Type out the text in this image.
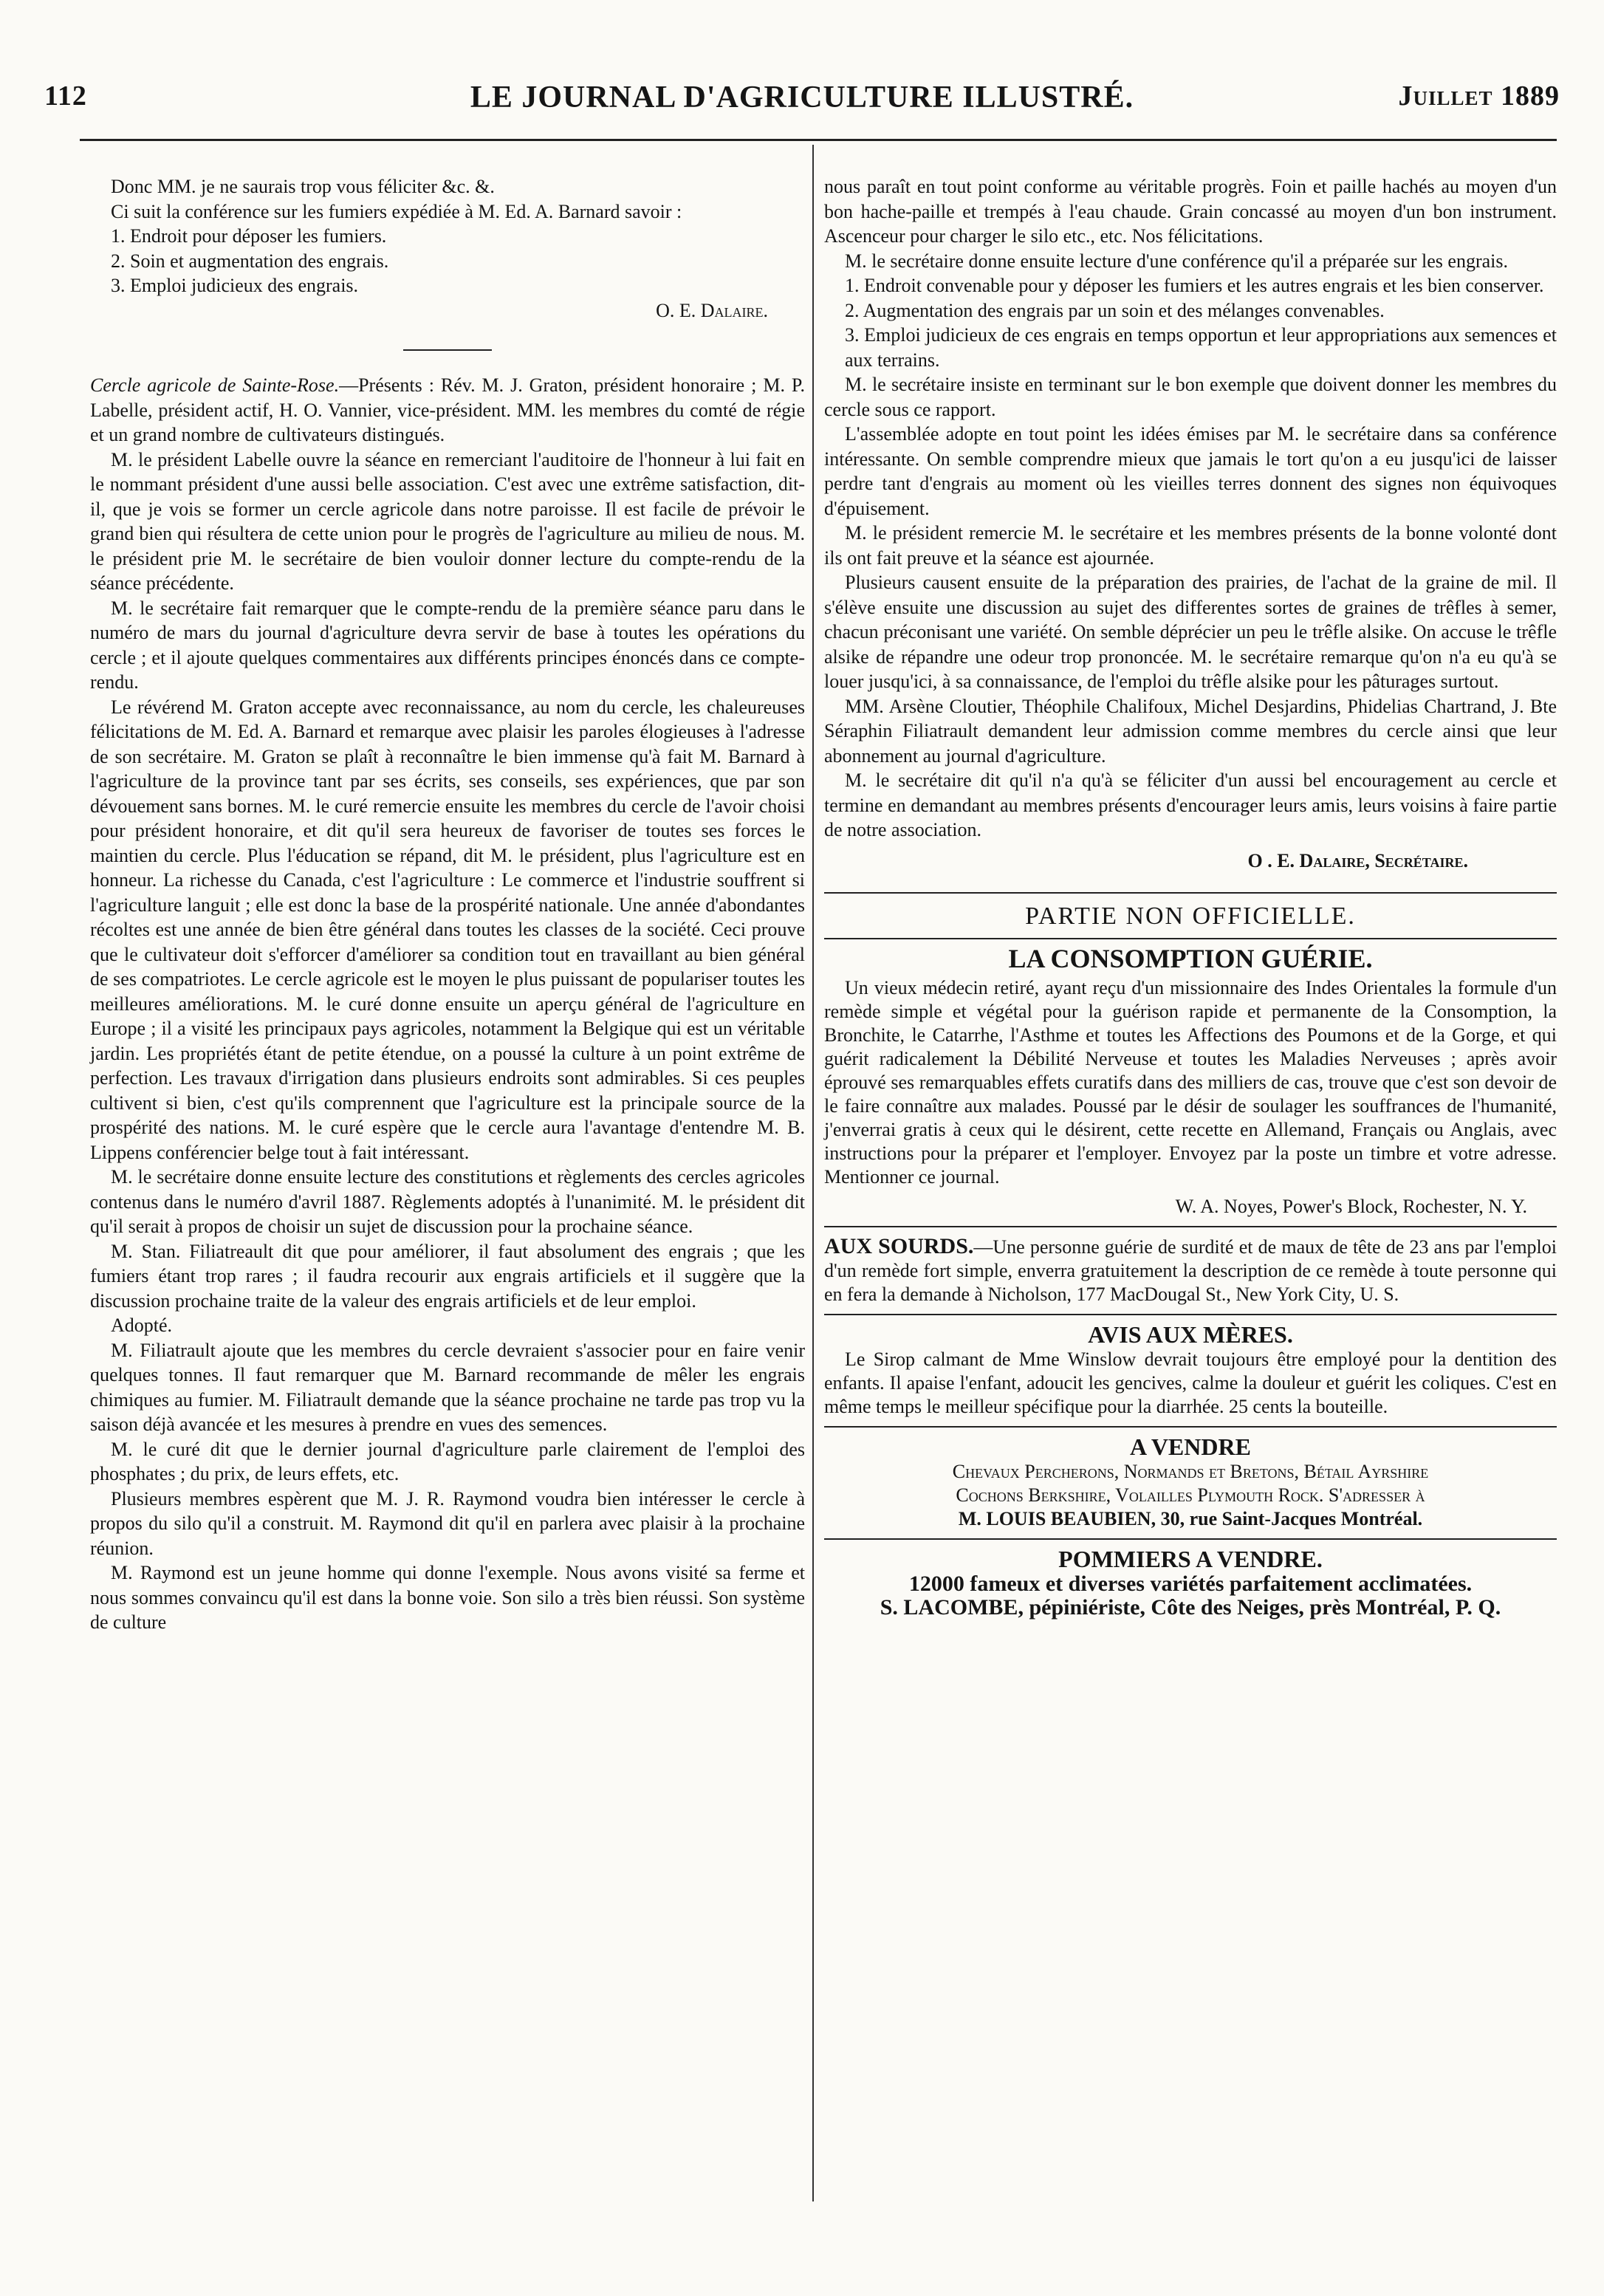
112	LE JOURNAL D'AGRICULTURE ILLUSTRÉ.	Juillet 1889

Donc MM. je ne saurais trop vous féliciter &c. &.

Ci suit la conférence sur les fumiers expédiée à M. Ed. A. Barnard savoir :

1. Endroit pour déposer les fumiers.

2. Soin et augmentation des engrais.

3. Emploi judicieux des engrais.

O. E. Dalaire.

Cercle agricole de Sainte-Rose.—Présents : Rév. M. J. Graton, président honoraire ; M. P. Labelle, président actif, H. O. Vannier, vice-président. MM. les membres du comté de régie et un grand nombre de cultivateurs distingués.

M. le président Labelle ouvre la séance en remerciant l'auditoire de l'honneur à lui fait en le nommant président d'une aussi belle association. C'est avec une extrême satisfaction, dit-il, que je vois se former un cercle agricole dans notre paroisse. Il est facile de prévoir le grand bien qui résultera de cette union pour le progrès de l'agriculture au milieu de nous. M. le président prie M. le secrétaire de bien vouloir donner lecture du compte-rendu de la séance précédente.

M. le secrétaire fait remarquer que le compte-rendu de la première séance paru dans le numéro de mars du journal d'agriculture devra servir de base à toutes les opérations du cercle ; et il ajoute quelques commentaires aux différents principes énoncés dans ce compte-rendu.

Le révérend M. Graton accepte avec reconnaissance, au nom du cercle, les chaleureuses félicitations de M. Ed. A. Barnard et remarque avec plaisir les paroles élogieuses à l'adresse de son secrétaire. M. Graton se plaît à reconnaître le bien immense qu'à fait M. Barnard à l'agriculture de la province tant par ses écrits, ses conseils, ses expériences, que par son dévouement sans bornes. M. le curé remercie ensuite les membres du cercle de l'avoir choisi pour président honoraire, et dit qu'il sera heureux de favoriser de toutes ses forces le maintien du cercle. Plus l'éducation se répand, dit M. le président, plus l'agriculture est en honneur. La richesse du Canada, c'est l'agriculture : Le commerce et l'industrie souffrent si l'agriculture languit ; elle est donc la base de la prospérité nationale. Une année d'abondantes récoltes est une année de bien être général dans toutes les classes de la société. Ceci prouve que le cultivateur doit s'efforcer d'améliorer sa condition tout en travaillant au bien général de ses compatriotes. Le cercle agricole est le moyen le plus puissant de populariser toutes les meilleures améliorations. M. le curé donne ensuite un aperçu général de l'agriculture en Europe ; il a visité les principaux pays agricoles, notamment la Belgique qui est un véritable jardin. Les propriétés étant de petite étendue, on a poussé la culture à un point extrême de perfection. Les travaux d'irrigation dans plusieurs endroits sont admirables. Si ces peuples cultivent si bien, c'est qu'ils comprennent que l'agriculture est la principale source de la prospérité des nations. M. le curé espère que le cercle aura l'avantage d'entendre M. B. Lippens conférencier belge tout à fait intéressant.

M. le secrétaire donne ensuite lecture des constitutions et règlements des cercles agricoles contenus dans le numéro d'avril 1887. Règlements adoptés à l'unanimité. M. le président dit qu'il serait à propos de choisir un sujet de discussion pour la prochaine séance.

M. Stan. Filiatreault dit que pour améliorer, il faut absolument des engrais ; que les fumiers étant trop rares ; il faudra recourir aux engrais artificiels et il suggère que la discussion prochaine traite de la valeur des engrais artificiels et de leur emploi.

Adopté.

M. Filiatrault ajoute que les membres du cercle devraient s'associer pour en faire venir quelques tonnes. Il faut remarquer que M. Barnard recommande de mêler les engrais chimiques au fumier. M. Filiatrault demande que la séance prochaine ne tarde pas trop vu la saison déjà avancée et les mesures à prendre en vues des semences.

M. le curé dit que le dernier journal d'agriculture parle clairement de l'emploi des phosphates ; du prix, de leurs effets, etc.

Plusieurs membres espèrent que M. J. R. Raymond voudra bien intéresser le cercle à propos du silo qu'il a construit. M. Raymond dit qu'il en parlera avec plaisir à la prochaine réunion.

M. Raymond est un jeune homme qui donne l'exemple. Nous avons visité sa ferme et nous sommes convaincu qu'il est dans la bonne voie. Son silo a très bien réussi. Son système de culture

nous paraît en tout point conforme au véritable progrès. Foin et paille hachés au moyen d'un bon hache-paille et trempés à l'eau chaude. Grain concassé au moyen d'un bon instrument. Ascenceur pour charger le silo etc., etc. Nos félicitations.

M. le secrétaire donne ensuite lecture d'une conférence qu'il a préparée sur les engrais.

1. Endroit convenable pour y déposer les fumiers et les autres engrais et les bien conserver.

2. Augmentation des engrais par un soin et des mélanges convenables.

3. Emploi judicieux de ces engrais en temps opportun et leur appropriations aux semences et aux terrains.

M. le secrétaire insiste en terminant sur le bon exemple que doivent donner les membres du cercle sous ce rapport.

L'assemblée adopte en tout point les idées émises par M. le secrétaire dans sa conférence intéressante. On semble comprendre mieux que jamais le tort qu'on a eu jusqu'ici de laisser perdre tant d'engrais au moment où les vieilles terres donnent des signes non équivoques d'épuisement.

M. le président remercie M. le secrétaire et les membres présents de la bonne volonté dont ils ont fait preuve et la séance est ajournée.

Plusieurs causent ensuite de la préparation des prairies, de l'achat de la graine de mil. Il s'élève ensuite une discussion au sujet des differentes sortes de graines de trêfles à semer, chacun préconisant une variété. On semble déprécier un peu le trêfle alsike. On accuse le trêfle alsike de répandre une odeur trop prononcée. M. le secrétaire remarque qu'on n'a eu qu'à se louer jusqu'ici, à sa connaissance, de l'emploi du trêfle alsike pour les pâturages surtout.

MM. Arsène Cloutier, Théophile Chalifoux, Michel Desjardins, Phidelias Chartrand, J. Bte Séraphin Filiatrault demandent leur admission comme membres du cercle ainsi que leur abonnement au journal d'agriculture.

M. le secrétaire dit qu'il n'a qu'à se féliciter d'un aussi bel encouragement au cercle et termine en demandant au membres présents d'encourager leurs amis, leurs voisins à faire partie de notre association.

O . E. Dalaire, Secrétaire.

PARTIE NON OFFICIELLE.

LA CONSOMPTION GUÉRIE.

Un vieux médecin retiré, ayant reçu d'un missionnaire des Indes Orientales la formule d'un remède simple et végétal pour la guérison rapide et permanente de la Consomption, la Bronchite, le Catarrhe, l'Asthme et toutes les Affections des Poumons et de la Gorge, et qui guérit radicalement la Débilité Nerveuse et toutes les Maladies Nerveuses ; après avoir éprouvé ses remarquables effets curatifs dans des milliers de cas, trouve que c'est son devoir de le faire connaître aux malades. Poussé par le désir de soulager les souffrances de l'humanité, j'enverrai gratis à ceux qui le désirent, cette recette en Allemand, Français ou Anglais, avec instructions pour la préparer et l'employer. Envoyez par la poste un timbre et votre adresse. Mentionner ce journal.

W. A. Noyes, Power's Block, Rochester, N. Y.

AUX SOURDS.—Une personne guérie de surdité et de maux de tête de 23 ans par l'emploi d'un remède fort simple, enverra gratuitement la description de ce remède à toute personne qui en fera la demande à Nicholson, 177 MacDougal St., New York City, U. S.

AVIS AUX MÈRES.

Le Sirop calmant de Mme Winslow devrait toujours être employé pour la dentition des enfants. Il apaise l'enfant, adoucit les gencives, calme la douleur et guérit les coliques. C'est en même temps le meilleur spécifique pour la diarrhée. 25 cents la bouteille.

A VENDRE

Chevaux Percherons, Normands et Bretons, Bétail Ayrshire

Cochons Berkshire, Volailles Plymouth Rock. S'adresser à

M. LOUIS BEAUBIEN, 30, rue Saint-Jacques Montréal.

POMMIERS A VENDRE.

12000 fameux et diverses variétés parfaitement acclimatées.

S. LACOMBE, pépiniériste, Côte des Neiges, près Montréal, P. Q.
